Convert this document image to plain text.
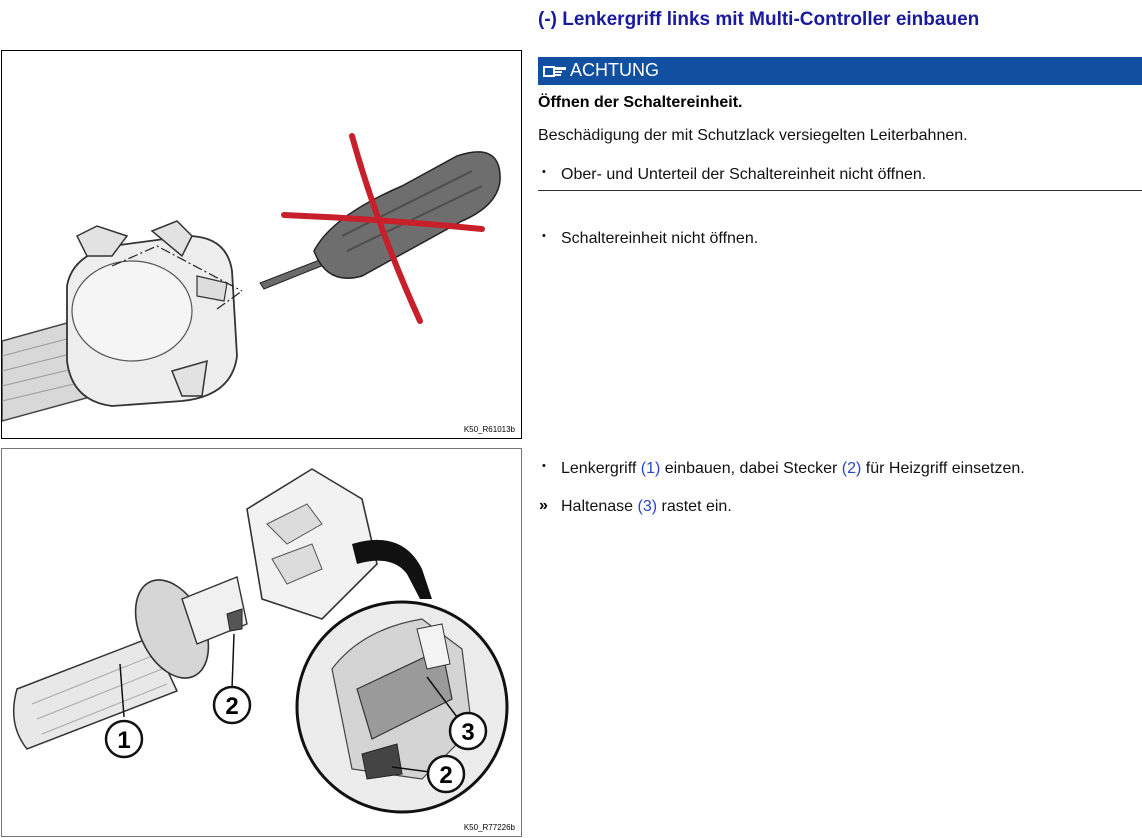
(-) Lenkergriff links mit Multi-Controller einbauen
K50_R61013b
1
2
3
2
K50_R77226b
ACHTUNG
Öffnen der Schaltereinheit.
Beschädigung der mit Schutzlack versiegelten Leiterbahnen.
• Ober- und Unterteil der Schaltereinheit nicht öffnen.
• Schaltereinheit nicht öffnen.
• Lenkergriff (1) einbauen, dabei Stecker (2) für Heizgriff einsetzen.
» Haltenase (3) rastet ein.
